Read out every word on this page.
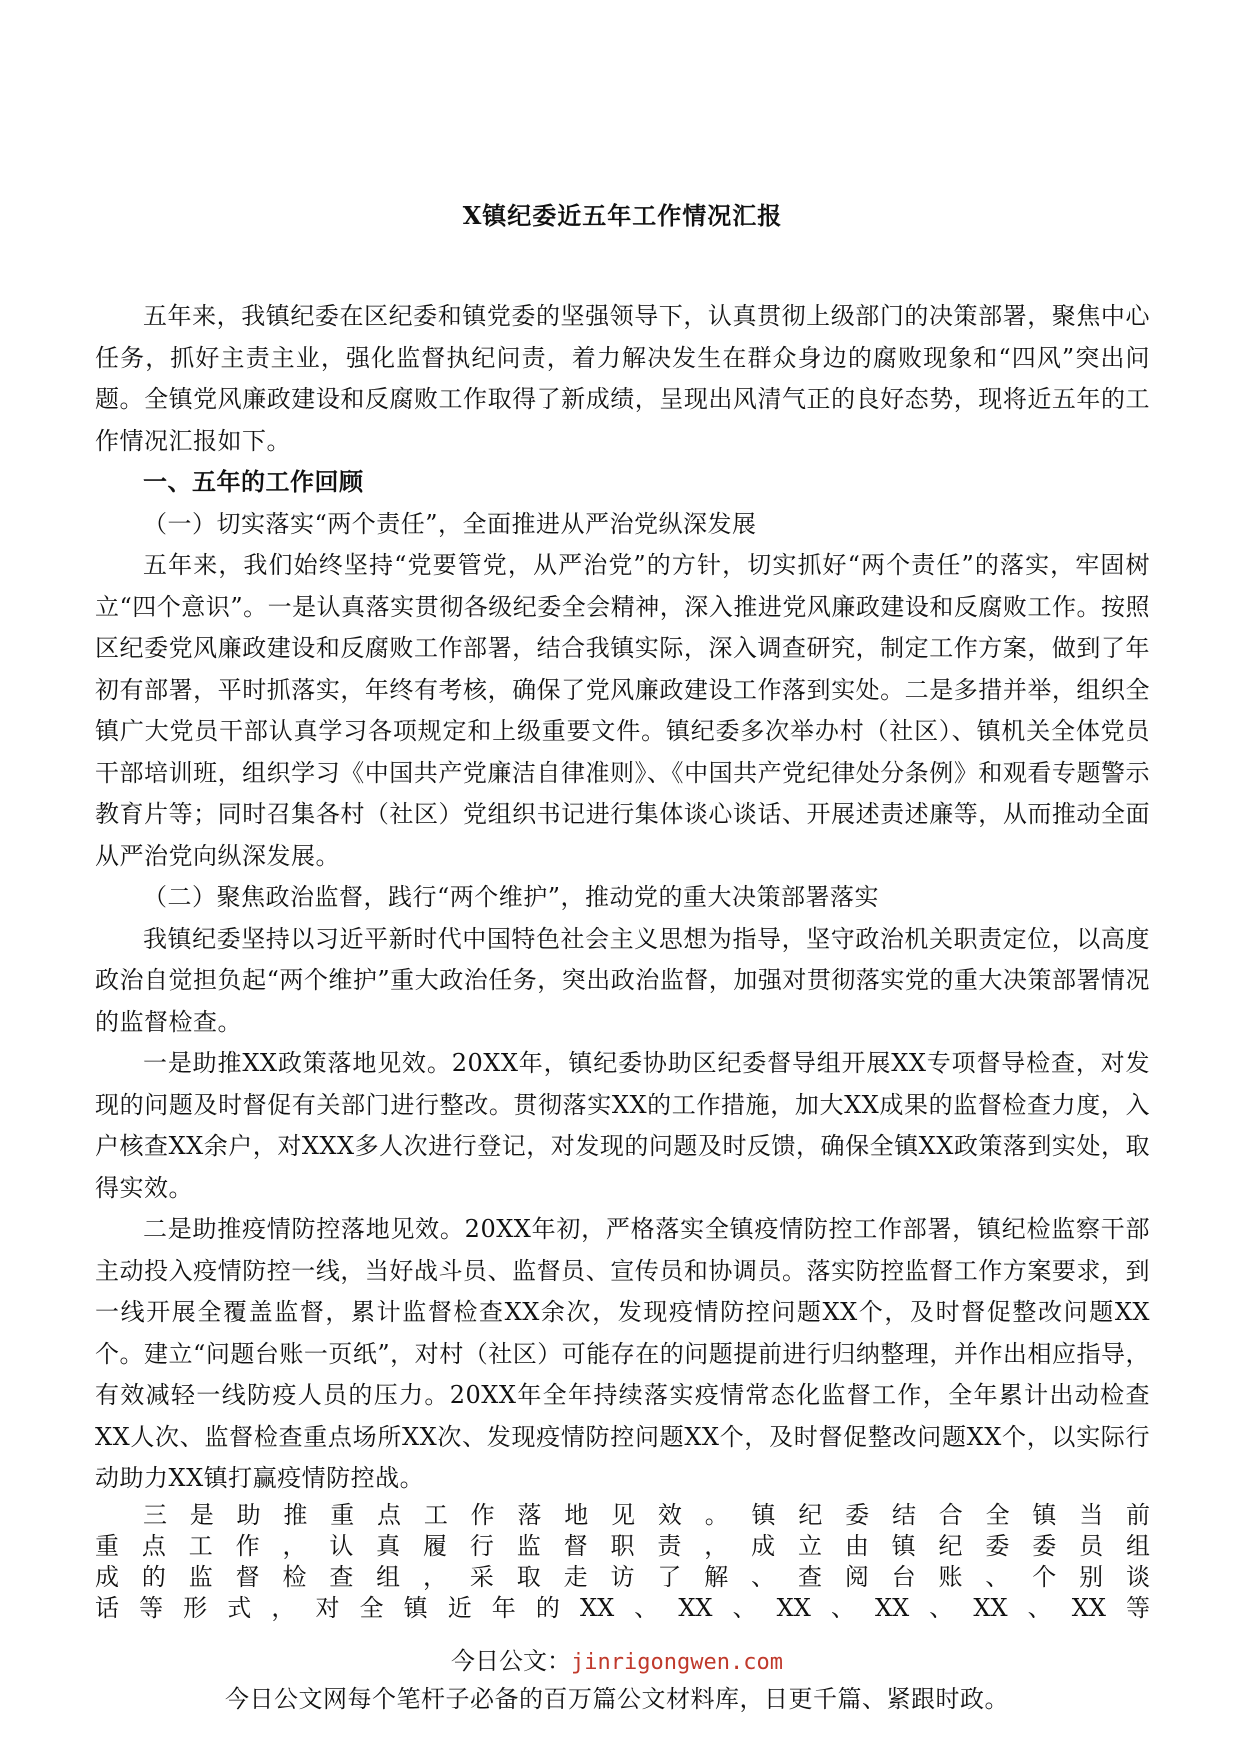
X镇纪委近五年工作情况汇报

五年来，我镇纪委在区纪委和镇党委的坚强领导下，认真贯彻上级部门的决策部署，聚焦中心任务，抓好主责主业，强化监督执纪问责，着力解决发生在群众身边的腐败现象和“四风”突出问题。全镇党风廉政建设和反腐败工作取得了新成绩，呈现出风清气正的良好态势，现将近五年的工作情况汇报如下。

一、五年的工作回顾

（一）切实落实“两个责任”，全面推进从严治党纵深发展

五年来，我们始终坚持“党要管党，从严治党”的方针，切实抓好“两个责任”的落实，牢固树立“四个意识”。一是认真落实贯彻各级纪委全会精神，深入推进党风廉政建设和反腐败工作。按照区纪委党风廉政建设和反腐败工作部署，结合我镇实际，深入调查研究，制定工作方案，做到了年初有部署，平时抓落实，年终有考核，确保了党风廉政建设工作落到实处。二是多措并举，组织全镇广大党员干部认真学习各项规定和上级重要文件。镇纪委多次举办村（社区）、镇机关全体党员干部培训班，组织学习《中国共产党廉洁自律准则》、《中国共产党纪律处分条例》和观看专题警示教育片等；同时召集各村（社区）党组织书记进行集体谈心谈话、开展述责述廉等，从而推动全面从严治党向纵深发展。

（二）聚焦政治监督，践行“两个维护”，推动党的重大决策部署落实

我镇纪委坚持以习近平新时代中国特色社会主义思想为指导，坚守政治机关职责定位，以高度政治自觉担负起“两个维护”重大政治任务，突出政治监督，加强对贯彻落实党的重大决策部署情况的监督检查。

一是助推XX政策落地见效。20XX年，镇纪委协助区纪委督导组开展XX专项督导检查，对发现的问题及时督促有关部门进行整改。贯彻落实XX的工作措施，加大XX成果的监督检查力度，入户核查XX余户，对XXX多人次进行登记，对发现的问题及时反馈，确保全镇XX政策落到实处，取得实效。

二是助推疫情防控落地见效。20XX年初，严格落实全镇疫情防控工作部署，镇纪检监察干部主动投入疫情防控一线，当好战斗员、监督员、宣传员和协调员。落实防控监督工作方案要求，到一线开展全覆盖监督，累计监督检查XX余次，发现疫情防控问题XX个，及时督促整改问题XX个。建立“问题台账一页纸”，对村（社区）可能存在的问题提前进行归纳整理，并作出相应指导，有效减轻一线防疫人员的压力。20XX年全年持续落实疫情常态化监督工作，全年累计出动检查XX人次、监督检查重点场所XX次、发现疫情防控问题XX个，及时督促整改问题XX个，以实际行动助力XX镇打赢疫情防控战。

三是助推重点工作落地见效。镇纪委结合全镇当前

重点工作，认真履行监督职责，成立由镇纪委委员组

成的监督检查组，采取走访了解、查阅台账、个别谈

话等形式，对全镇近年的XX、XX、XX、XX、XX、XX等

今日公文：jinrigongwen.com
今日公文网每个笔杆子必备的百万篇公文材料库，日更千篇、紧跟时政。
